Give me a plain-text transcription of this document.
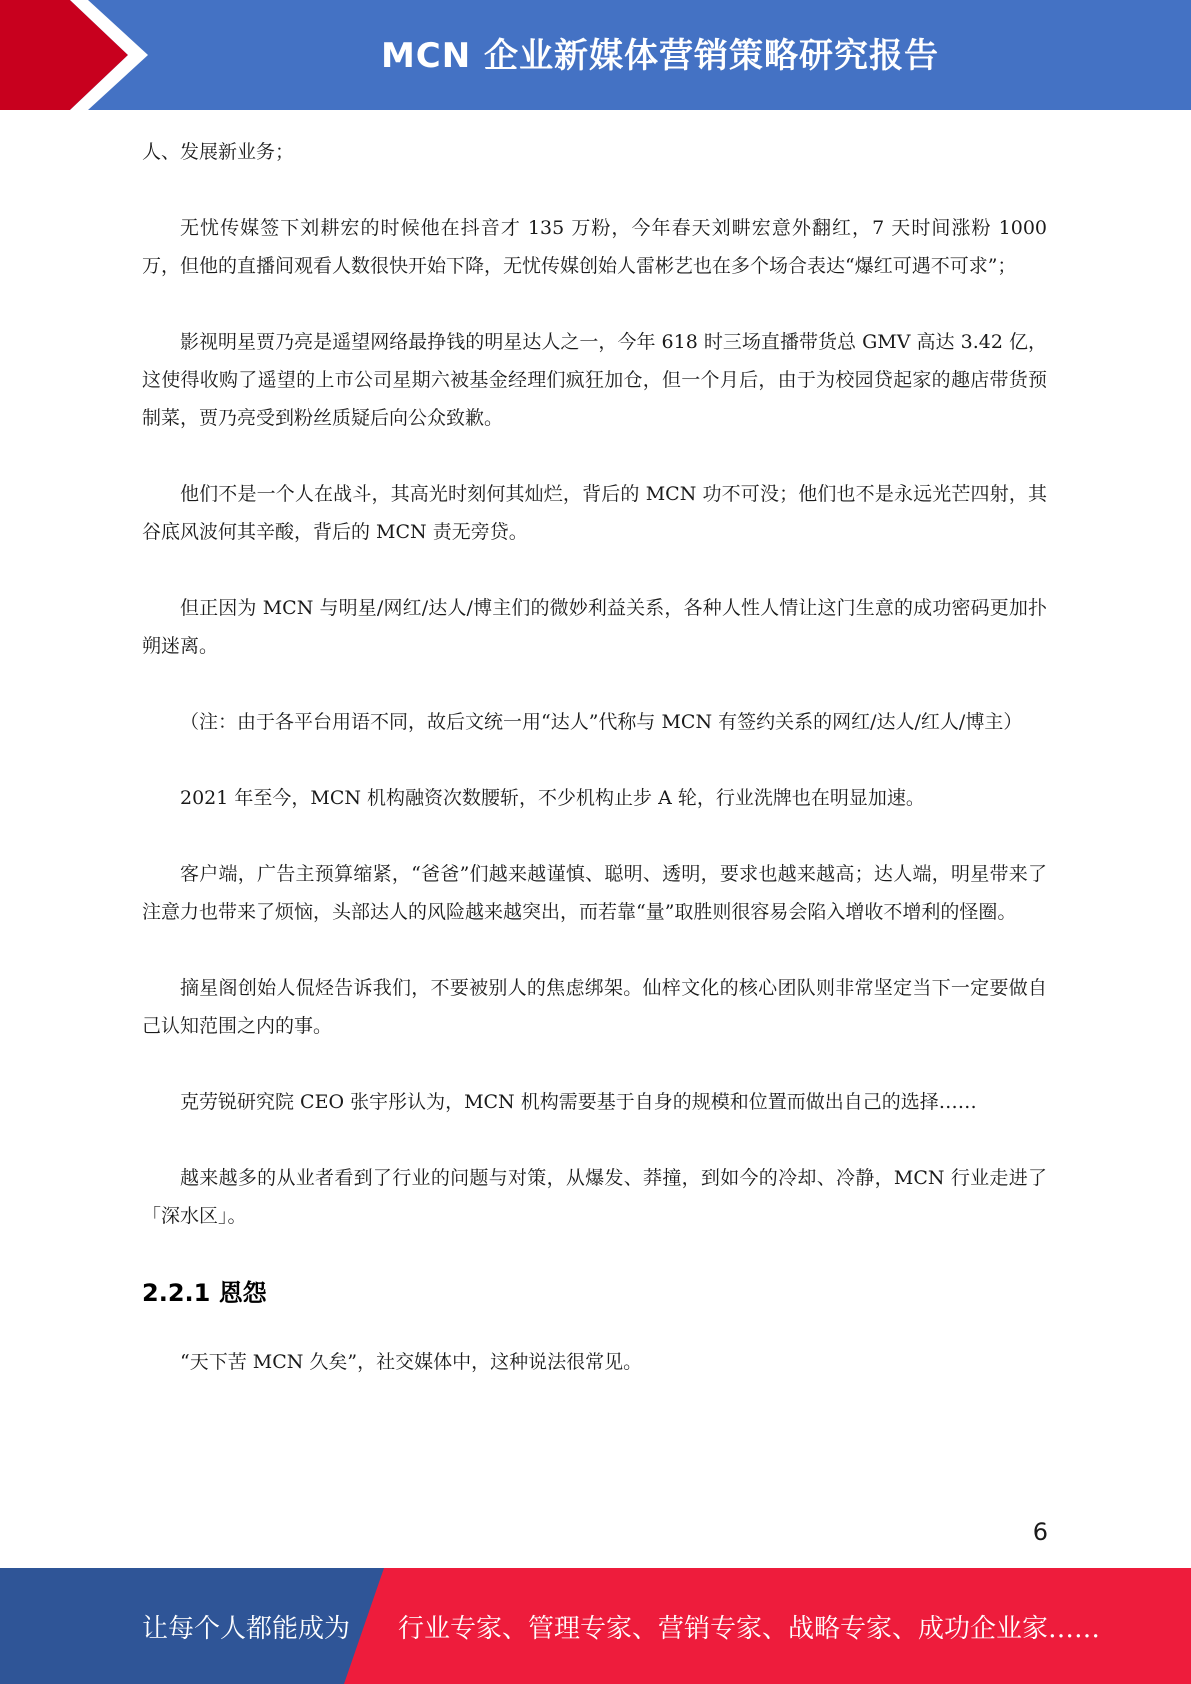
MCN 企业新媒体营销策略研究报告

人、发展新业务；

无忧传媒签下刘耕宏的时候他在抖音才 135 万粉，今年春天刘畊宏意外翻红，7 天时间涨粉 1000 万，但他的直播间观看人数很快开始下降，无忧传媒创始人雷彬艺也在多个场合表达“爆红可遇不可求”；

影视明星贾乃亮是遥望网络最挣钱的明星达人之一，今年 618 时三场直播带货总 GMV 高达 3.42 亿，这使得收购了遥望的上市公司星期六被基金经理们疯狂加仓，但一个月后，由于为校园贷起家的趣店带货预制菜，贾乃亮受到粉丝质疑后向公众致歉。

他们不是一个人在战斗，其高光时刻何其灿烂，背后的 MCN 功不可没；他们也不是永远光芒四射，其谷底风波何其辛酸，背后的 MCN 责无旁贷。

但正因为 MCN 与明星/网红/达人/博主们的微妙利益关系，各种人性人情让这门生意的成功密码更加扑朔迷离。

（注：由于各平台用语不同，故后文统一用“达人”代称与 MCN 有签约关系的网红/达人/红人/博主）

2021 年至今，MCN 机构融资次数腰斩，不少机构止步 A 轮，行业洗牌也在明显加速。

客户端，广告主预算缩紧，“爸爸”们越来越谨慎、聪明、透明，要求也越来越高；达人端，明星带来了注意力也带来了烦恼，头部达人的风险越来越突出，而若靠“量”取胜则很容易会陷入增收不增利的怪圈。

摘星阁创始人侃烃告诉我们，不要被别人的焦虑绑架。仙梓文化的核心团队则非常坚定当下一定要做自己认知范围之内的事。

克劳锐研究院 CEO 张宇彤认为，MCN 机构需要基于自身的规模和位置而做出自己的选择……

越来越多的从业者看到了行业的问题与对策，从爆发、莽撞，到如今的冷却、冷静，MCN 行业走进了「深水区」。

2.2.1 恩怨

“天下苦 MCN 久矣”，社交媒体中，这种说法很常见。

6
让每个人都能成为 行业专家、管理专家、营销专家、战略专家、成功企业家……
